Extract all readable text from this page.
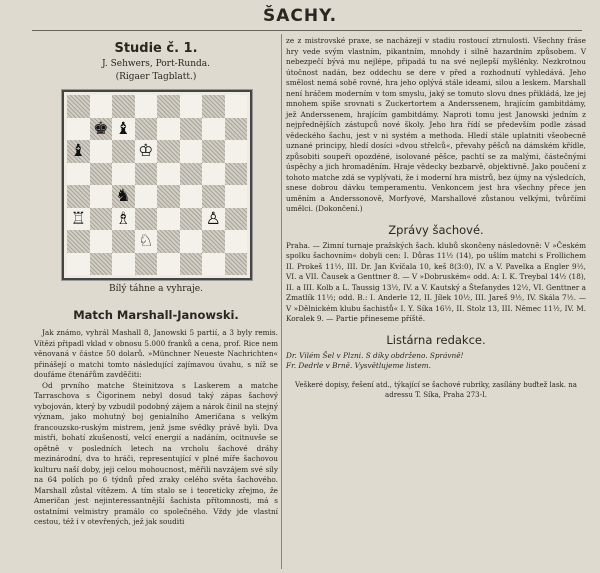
ŠACHY.
Studie č. 1.
J. Sehwers, Port-Runda.
(Rigaer Tagblatt.)
♚ ♝
♔
♝
♞
♖ ♗	♙
♘
Bílý táhne a vyhraje.
Match Marshall-Janowski.

Jak známo, vyhrál Mashall 8, Janowski 5 partií, a 3 byly remis. Vítězi připadl vklad v obnosu 5.000 franků a cena, prof. Rice nem věnovaná v částce 50 dolarů. »Münchner Neueste Nachrichten« přinášejí o matchi tomto následující zajímavou úvahu, s níž se doufáme čtenářům zavděčiti:

Od prvního matche Steinitzova s Laskerem a matche Tarraschova s Čigorinem nebyl dosud taký zápas šachový vybojován, který by vzbudil podobný zájem a nárok činil na stejný význam, jako mohutný boj genialního Američana s velkým francouzsko-ruským mistrem, jenž jsme svědky právě byli. Dva mistři, bohatí zkušeností, velcí energií a nadáním, ocitnuvše se opětně v posledních letech na vrcholu šachové dráhy mezinárodní, dva to hráči, representující v plné míře šachovou kulturu naší doby, jeji celou mohoucnost, měřili navzájem své síly na 64 polích po 6 týdnů před zraky celého světa šachového. Marshall zůstal vítězem. A tím stalo se i teoreticky zřejmo, že Američan jest nejinteressantnější šachista přítomnosti, má s ostatními velmistry pramálo co společného. Vždy jde vlastní cestou, též i v otevřených, jež jak souditi

ze z mistrovské praxe, se nacházejí v stadiu rostoucí ztrnulosti. Všechny fráse hry vede svým vlastním, pikantním, mnohdy i silně hazardním způsobem. V nebezpečí bývá mu nejlépe, připadá tu na své nejlepší myšlénky. Nezkrotnou útočnost nadán, bez oddechu se dere v před a rozhodnutí vyhledává. Jeho smělost nemá sobě rovné, hra jeho oplývá stále ideami, silou a leskem. Marshall není hráčem moderním v tom smyslu, jaký se tomuto slovu dnes přikládá, lze jej mnohem spíše srovnati s Zuckertortem a Anderssenem, hrajícím gambitdámy, jež Anderssenem, hrajícím gambitdámy. Naproti tomu jest Janowski jedním z nejpřednějších zástupců nové školy. Jeho hra řídí se především podle zásad vědeckého šachu, jest v ni systém a methoda. Hledí stále uplatniti všeobecně uznané principy, hledí dosíci »dvou střelců«, převahy pěšců na dámském křídle, způsobiti soupeři opozdéné, isolované pěšce, pachtí se za malými, částečnými úspěchy a jich hromaděním. Hraje vědecky bezbarvě, objektivně. Jako poučení z tohoto matche zdá se vyplývati, že i moderní hra mistrů, bez újmy na výsledcích, snese dobrou dávku temperamentu. Venkoncem jest hra všechny přece jen uměním a Anderssonově, Morfyové, Marshallové zůstanou velkými, tvůrčími umělci. (Dokončení.)
Zprávy šachové.
Praha. — Zimní turnaje pražských šach. klubů skončeny následovně: V »Českém spolku šachovním« dobyli cen: I. Důras 11½ (14), po ušlím matchi s Frollichem II. Prokeš 11½, III. Dr. Jan Kvíčala 10, keš 8(3:0), IV. a V. Pavelka a Engler 9½, VI. a VII. Čausek a Genttner 8. — V »Dobruském« odd. A: I. K. Treybal 14½ (18), II. a III. Kolb a L. Taussig 13½, IV. a V. Kautský a Štefanydes 12½, VI. Genttner a Zmatlík 11½; odd. B.: I. Anderle 12, II. Jílek 10½, III. Jareš 9½, IV. Skála 7½. — V »Dělnickém klubu šachistů« I. Y. Síka 16½, II. Stolz 13, III. Němec 11½, IV. M. Koralek 9. — Partie přineseme příště.
Listárna redakce.
Dr. Vilém Šel v Plzni. S díky obdrženo. Správně!
Fr. Dedrle v Brně. Vysvětlujeme listem.
Veškeré dopisy, řešení atd., týkající se šachové rubriky, zasílány buďtež lask. na adressu T. Síka, Praha 273-I.
